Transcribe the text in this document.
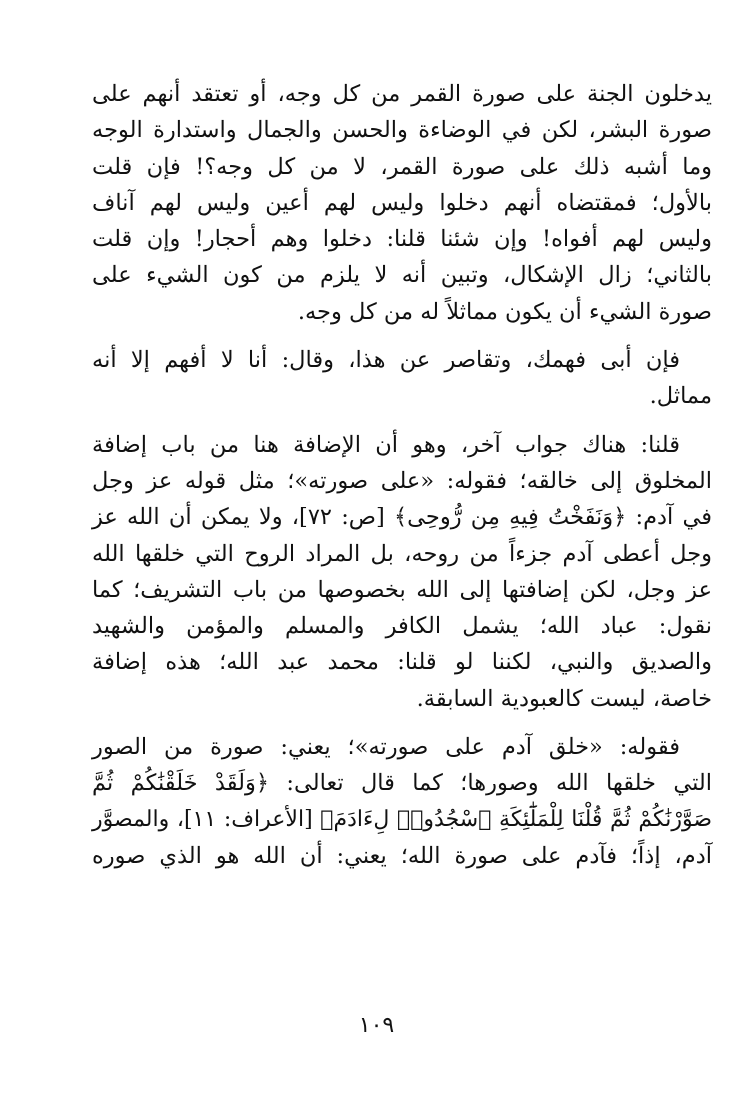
يدخلون الجنة على صورة القمر من كل وجه، أو تعتقد أنهم على
صورة البشر، لكن في الوضاءة والحسن والجمال واستدارة الوجه
وما أشبه ذلك على صورة القمر، لا من كل وجه؟! فإن قلت
بالأول؛ فمقتضاه أنهم دخلوا وليس لهم أعين وليس لهم آناف
وليس لهم أفواه! وإن شئنا قلنا: دخلوا وهم أحجار! وإن قلت
بالثاني؛ زال الإشكال، وتبين أنه لا يلزم من كون الشيء على
صورة الشيء أن يكون مماثلاً له من كل وجه.

فإن أبى فهمك، وتقاصر عن هذا، وقال: أنا لا أفهم إلا أنه
مماثل.

قلنا: هناك جواب آخر، وهو أن الإضافة هنا من باب إضافة
المخلوق إلى خالقه؛ فقوله: «على صورته»؛ مثل قوله عز وجل
في آدم: ﴿وَنَفَخْتُ فِيهِ مِن رُّوحِى﴾ [ص: ٧٢]، ولا يمكن أن الله عز
وجل أعطى آدم جزءاً من روحه، بل المراد الروح التي خلقها الله
عز وجل، لكن إضافتها إلى الله بخصوصها من باب التشريف؛ كما
نقول: عباد الله؛ يشمل الكافر والمسلم والمؤمن والشهيد
والصديق والنبي، لكننا لو قلنا: محمد عبد الله؛ هذه إضافة
خاصة، ليست كالعبودية السابقة.

فقوله: «خلق آدم على صورته»؛ يعني: صورة من الصور
التي خلقها الله وصورها؛ كما قال تعالى: ﴿وَلَقَدْ خَلَقْنَٰكُمْ ثُمَّ
صَوَّرْنَٰكُمْ ثُمَّ قُلْنَا لِلْمَلَٰٓئِكَةِ ٱسْجُدُوا۟ لِءَادَمَ﴾ [الأعراف: ١١]، والمصوَّر
آدم، إذاً؛ فآدم على صورة الله؛ يعني: أن الله هو الذي صوره

١٠٩
